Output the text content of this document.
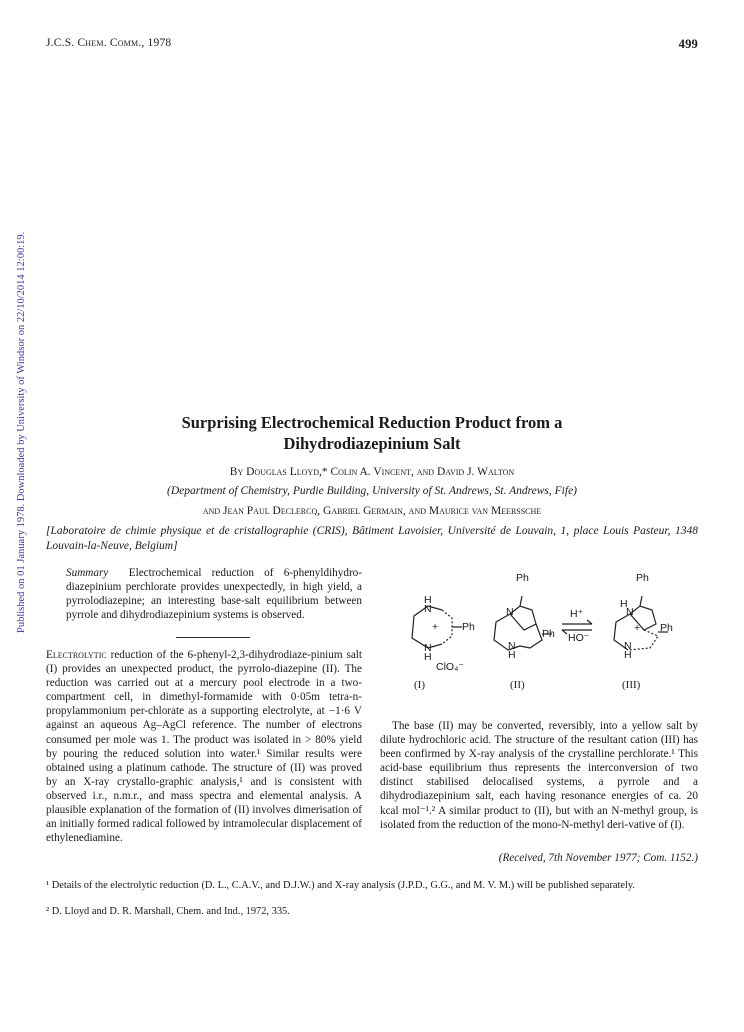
J.C.S. Chem. Comm., 1978	499
Published on 01 January 1978. Downloaded by University of Windsor on 22/10/2014 12:00:19.	Surprising Electrochemical Reduction Product from a
Dihydrodiazepinium Salt
By Douglas Lloyd,* Colin A. Vincent, and David J. Walton
(Department of Chemistry, Purdie Building, University of St. Andrews, St. Andrews, Fife)
and Jean Paul Declercq, Gabriel Germain, and Maurice van Meerssche
[Laboratoire de chimie physique et de cristallographie (CRIS), Bâtiment Lavoisier, Université de Louvain, 1, place Louis Pasteur, 1348 Louvain-la-Neuve, Belgium]

Summary Electrochemical reduction of 6-phenyldihydro-diazepinium perchlorate provides unexpectedly, in high yield, a pyrrolodiazepine; an interesting base-salt equilibrium between pyrrole and dihydrodiazepinium systems is observed.

Electrolytic reduction of the 6-phenyl-2,3-dihydrodiaze-pinium salt (I) provides an unexpected product, the pyrrolo-diazepine (II). The reduction was carried out at a mercury pool electrode in a two-compartment cell, in dimethyl-formamide with 0·05m tetra-n-propylammonium per-chlorate as a supporting electrolyte, at −1·6 V against an aqueous Ag–AgCl reference. The number of electrons consumed per mole was 1. The product was isolated in > 80% yield by pouring the reduced solution into water.¹ Similar results were obtained using a platinum cathode. The structure of (II) was proved by an X-ray crystallo-graphic analysis,¹ and is consistent with observed i.r., n.m.r., and mass spectra and elemental analysis. A plausible explanation of the formation of (II) involves dimerisation of an initially formed radical followed by intramolecular displacement of ethylenediamine.

H
N
+ Ph
N
H
Ph
N
Ph
N
H
H⁺
HO⁻
Ph
H
N
+ Ph
N
H
ClO₄⁻
(I)	(II)	(III)

The base (II) may be converted, reversibly, into a yellow salt by dilute hydrochloric acid. The structure of the resultant cation (III) has been confirmed by X-ray analysis of the crystalline perchlorate.¹ This acid-base equilibrium thus represents the interconversion of two distinct stabilised delocalised systems, a pyrrole and a dihydrodiazepinium salt, each having resonance energies of ca. 20 kcal mol⁻¹.² A similar product to (II), but with an N-methyl group, is isolated from the reduction of the mono-N-methyl deri-vative of (I).

(Received, 7th November 1977; Com. 1152.)
¹ Details of the electrolytic reduction (D. L., C.A.V., and D.J.W.) and X-ray analysis (J.P.D., G.G., and M. V. M.) will be published separately.
² D. Lloyd and D. R. Marshall, Chem. and Ind., 1972, 335.
